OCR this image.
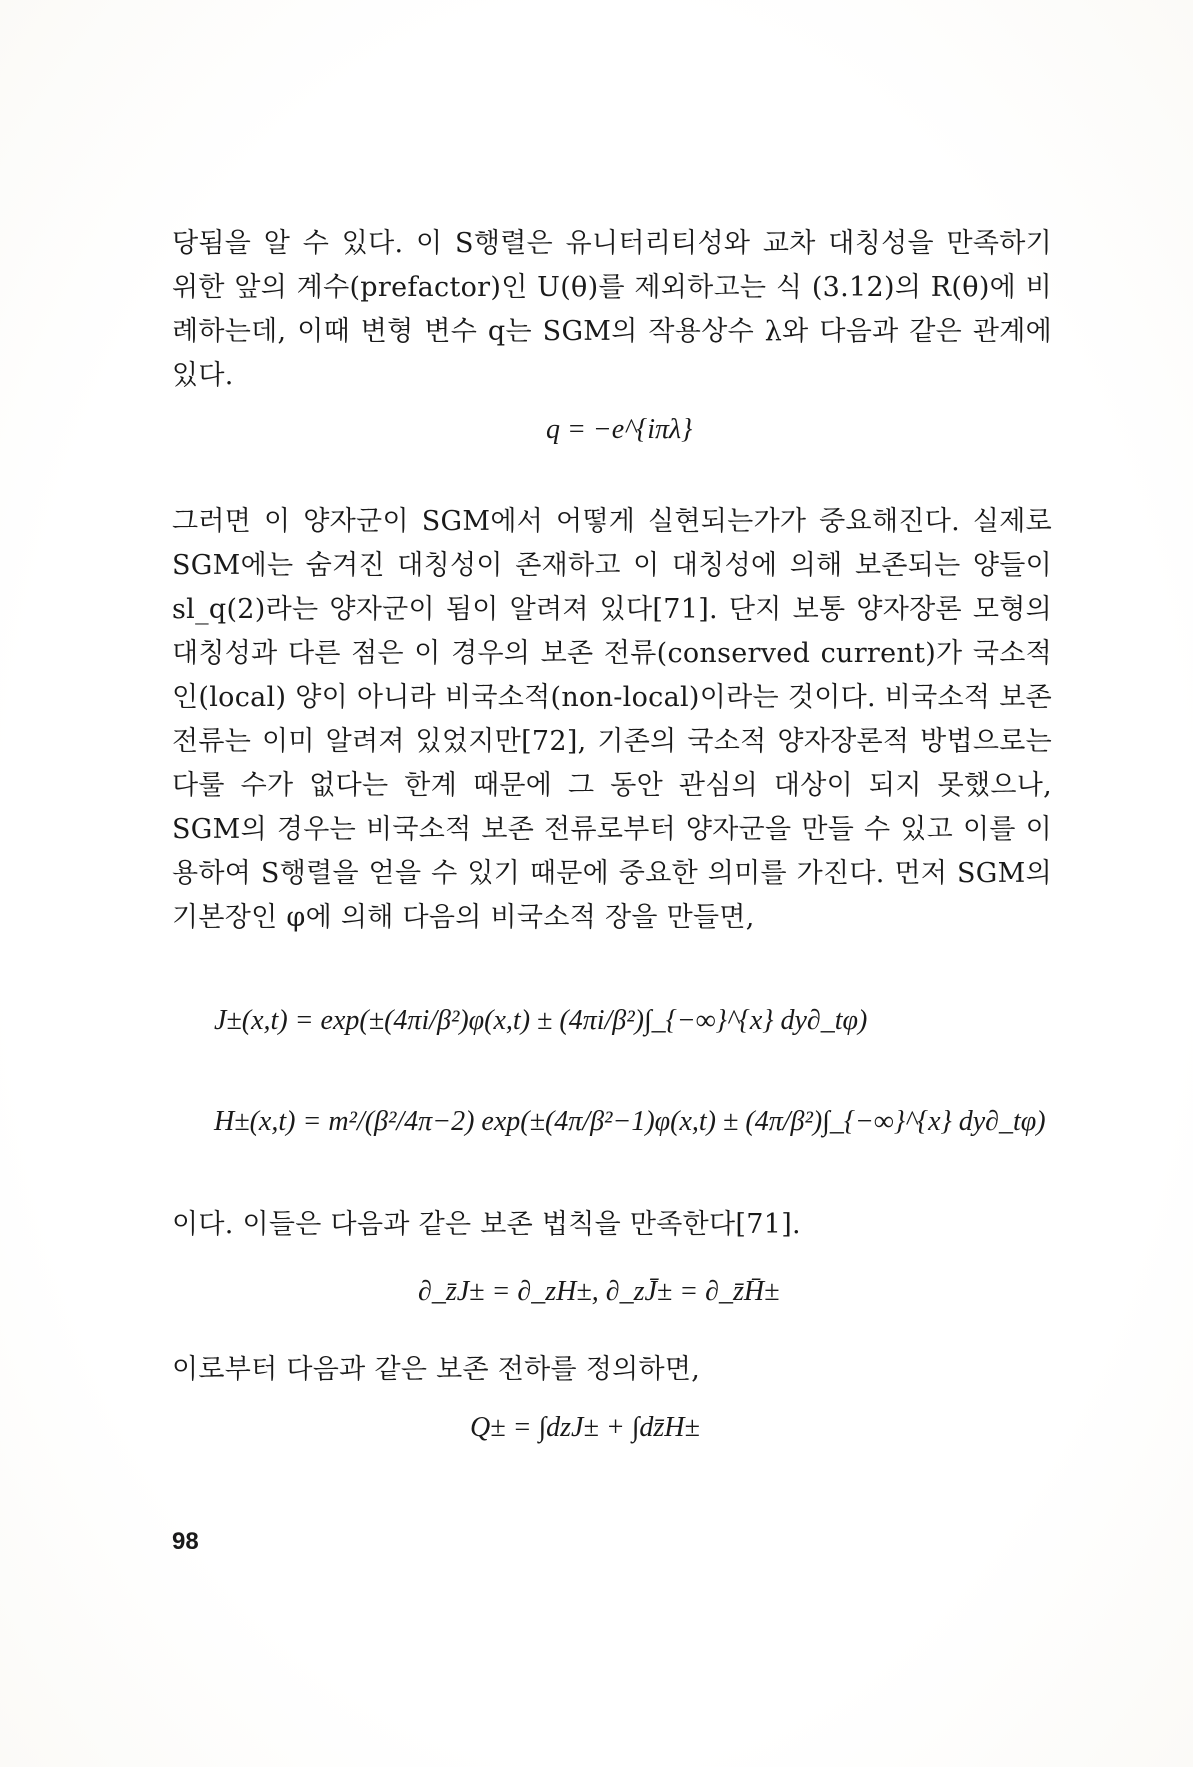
당됨을 알 수 있다. 이 S행렬은 유니터리티성와 교차 대칭성을 만족하기 위한 앞의 계수(prefactor)인 U(θ)를 제외하고는 식 (3.12)의 R(θ)에 비례하는데, 이때 변형 변수 q는 SGM의 작용상수 λ와 다음과 같은 관계에 있다.
q = −e^{iπλ}
그러면 이 양자군이 SGM에서 어떻게 실현되는가가 중요해진다. 실제로 SGM에는 숨겨진 대칭성이 존재하고 이 대칭성에 의해 보존되는 양들이 sl_q(2)라는 양자군이 됨이 알려져 있다[71]. 단지 보통 양자장론 모형의 대칭성과 다른 점은 이 경우의 보존 전류(conserved current)가 국소적인(local) 양이 아니라 비국소적(non-local)이라는 것이다. 비국소적 보존 전류는 이미 알려져 있었지만[72], 기존의 국소적 양자장론적 방법으로는 다룰 수가 없다는 한계 때문에 그 동안 관심의 대상이 되지 못했으나, SGM의 경우는 비국소적 보존 전류로부터 양자군을 만들 수 있고 이를 이용하여 S행렬을 얻을 수 있기 때문에 중요한 의미를 가진다. 먼저 SGM의 기본장인 φ에 의해 다음의 비국소적 장을 만들면,
J±(x,t) = exp(±(4πi/β²)φ(x,t) ± (4πi/β²)∫_{−∞}^{x} dy∂_tφ)
H±(x,t) = m²/(β²/4π−2) exp(±(4π/β²−1)φ(x,t) ± (4π/β²)∫_{−∞}^{x} dy∂_tφ)
이다. 이들은 다음과 같은 보존 법칙을 만족한다[71].
∂_z̄J± = ∂_zH±, ∂_zJ̄± = ∂_z̄H̄±
이로부터 다음과 같은 보존 전하를 정의하면,
Q± = ∫dzJ± + ∫dz̄H±
98
